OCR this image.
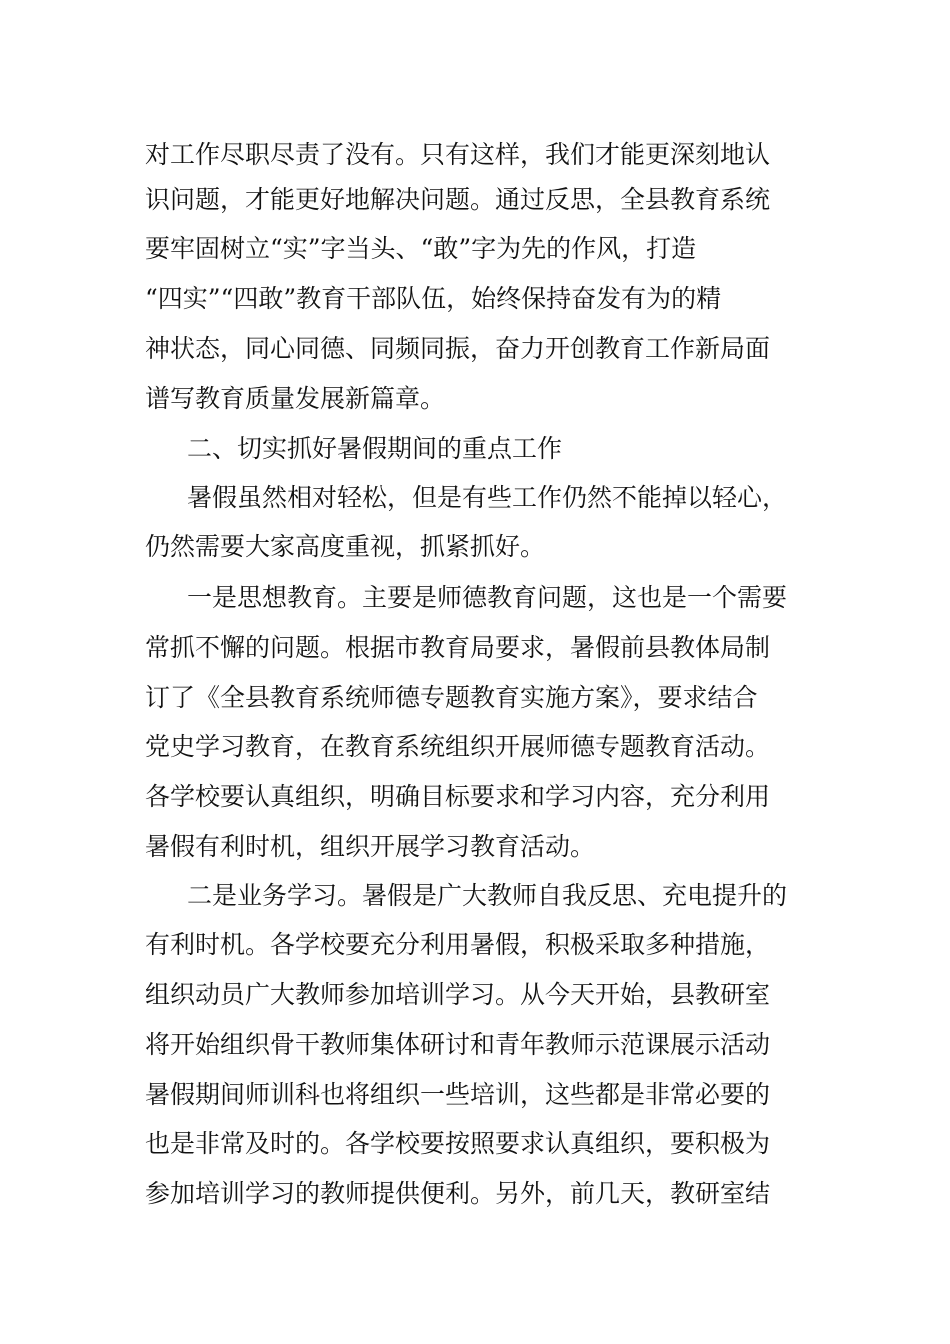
对工作尽职尽责了没有。只有这样，我们才能更深刻地认
识问题，才能更好地解决问题。通过反思，全县教育系统
要牢固树立“实”字当头、“敢”字为先的作风，打造
“四实”“四敢”教育干部队伍，始终保持奋发有为的精
神状态，同心同德、同频同振，奋力开创教育工作新局面
谱写教育质量发展新篇章。
二、切实抓好暑假期间的重点工作
暑假虽然相对轻松，但是有些工作仍然不能掉以轻心，
仍然需要大家高度重视，抓紧抓好。
一是思想教育。主要是师德教育问题，这也是一个需要
常抓不懈的问题。根据市教育局要求，暑假前县教体局制
订了《全县教育系统师德专题教育实施方案》，要求结合
党史学习教育，在教育系统组织开展师德专题教育活动。
各学校要认真组织，明确目标要求和学习内容，充分利用
暑假有利时机，组织开展学习教育活动。
二是业务学习。暑假是广大教师自我反思、充电提升的
有利时机。各学校要充分利用暑假，积极采取多种措施，
组织动员广大教师参加培训学习。从今天开始，县教研室
将开始组织骨干教师集体研讨和青年教师示范课展示活动
暑假期间师训科也将组织一些培训，这些都是非常必要的
也是非常及时的。各学校要按照要求认真组织，要积极为
参加培训学习的教师提供便利。另外，前几天，教研室结
